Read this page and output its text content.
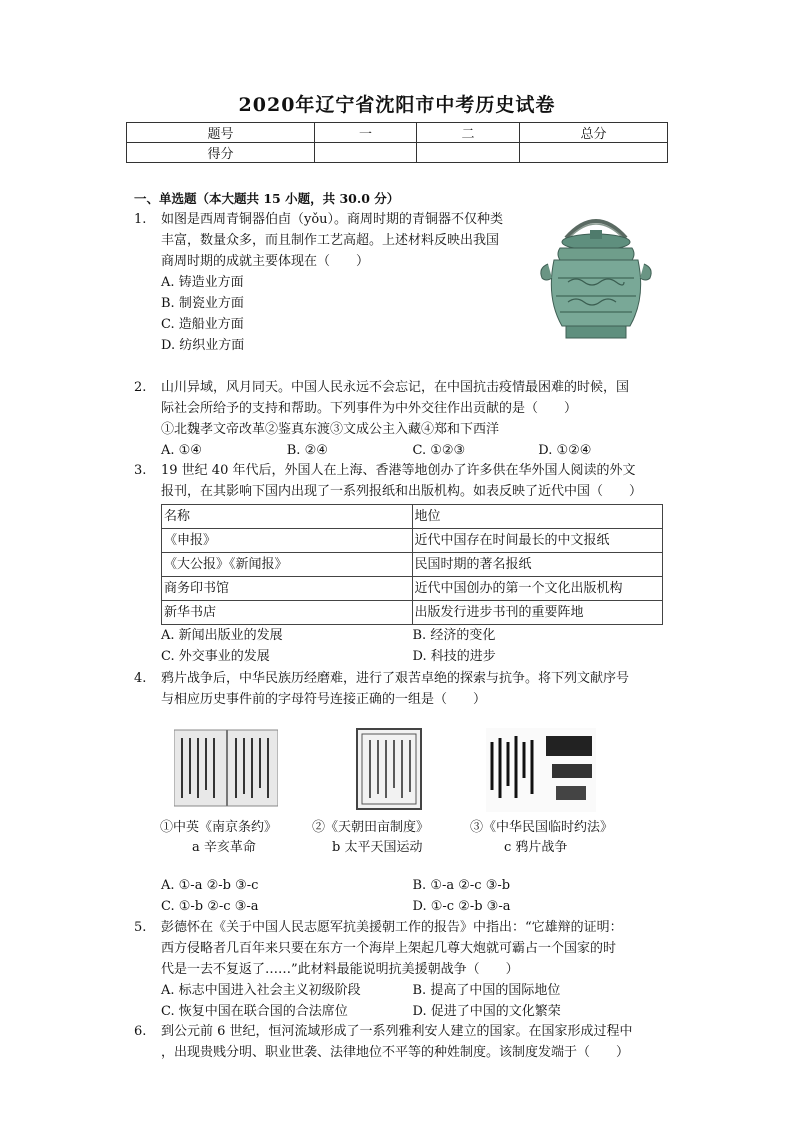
2020年辽宁省沈阳市中考历史试卷
题号	一	二	总分
得分			
一、单选题（本大题共 15 小题，共 30.0 分）
1. 如图是西周青铜器伯卣（yǒu）。商周时期的青铜器不仅种类
丰富，数量众多，而且制作工艺高超。上述材料反映出我国
商周时期的成就主要体现在（　　）
A. 铸造业方面
B. 制瓷业方面
C. 造船业方面
D. 纺织业方面
2. 山川异域，风月同天。中国人民永远不会忘记，在中国抗击疫情最困难的时候，国
际社会所给予的支持和帮助。下列事件为中外交往作出贡献的是（　　）
①北魏孝文帝改革②鉴真东渡③文成公主入藏④郑和下西洋
A. ①④	B. ②④	C. ①②③	D. ①②④
3. 19 世纪 40 年代后，外国人在上海、香港等地创办了许多供在华外国人阅读的外文
报刊，在其影响下国内出现了一系列报纸和出版机构。如表反映了近代中国（　　）
名称	地位
《申报》	近代中国存在时间最长的中文报纸
《大公报》《新闻报》	民国时期的著名报纸
商务印书馆	近代中国创办的第一个文化出版机构
新华书店	出版发行进步书刊的重要阵地
A. 新闻出版业的发展	B. 经济的变化
C. 外交事业的发展	D. 科技的进步
4. 鸦片战争后，中华民族历经磨难，进行了艰苦卓绝的探索与抗争。将下列文献序号
与相应历史事件前的字母符号连接正确的一组是（　　）
①中英《南京条约》	②《天朝田亩制度》	③《中华民国临时约法》
a 辛亥革命	b 太平天国运动	c 鸦片战争
A. ①-a ②-b ③-c	B. ①-a ②-c ③-b
C. ①-b ②-c ③-a	D. ①-c ②-b ③-a
5. 彭德怀在《关于中国人民志愿军抗美援朝工作的报告》中指出：“它雄辩的证明：
西方侵略者几百年来只要在东方一个海岸上架起几尊大炮就可霸占一个国家的时
代是一去不复返了……”此材料最能说明抗美援朝战争（　　）
A. 标志中国进入社会主义初级阶段	B. 提高了中国的国际地位
C. 恢复中国在联合国的合法席位	D. 促进了中国的文化繁荣
6. 到公元前 6 世纪，恒河流域形成了一系列雅利安人建立的国家。在国家形成过程中
，出现贵贱分明、职业世袭、法律地位不平等的种姓制度。该制度发端于（　　）
